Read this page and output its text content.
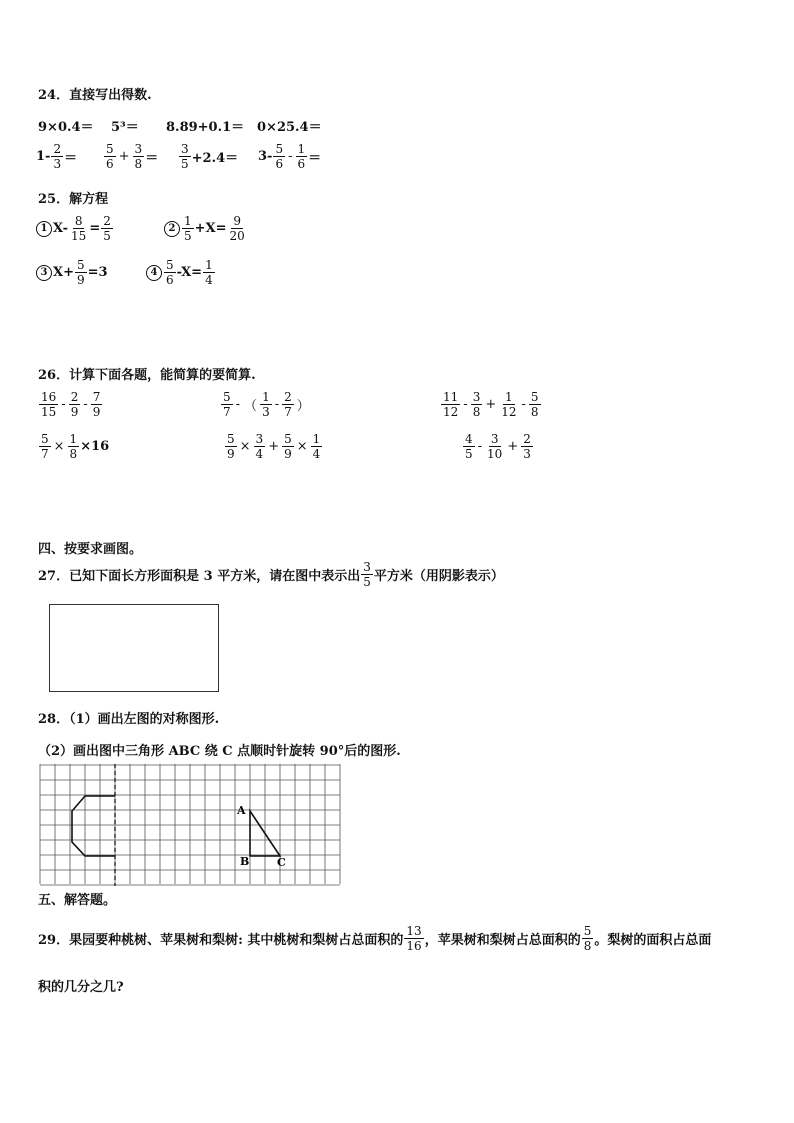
24．直接写出得数.
9×0.4＝ 5³＝ 8.89+0.1＝ 0×25.4＝
$1- \frac{2}{3} = \frac{5}{6} + \frac{3}{8} = \frac{3}{5} +2.4= 3- \frac{5}{6} - \frac{1}{6}$ ＝
25．解方程
1 $X- \frac{8}{15} = \frac{2}{5}$	$2 \frac{1}{5} +X= \frac{9}{20}$
3 $X+ \frac{5}{9} =3$	$4 \frac{5}{6} -X= \frac{1}{4}$
26．计算下面各题，能简算的要简算.
$\frac{16}{15} - \frac{2}{9} - \frac{7}{9}$	$\frac{5}{7}$ - （ $\frac{1}{3} - \frac{2}{7}$ ）	$\frac{11}{12} - \frac{3}{8} + \frac{1}{12} - \frac{5}{8}$
$\frac{5}{7} \times \frac{1}{8} \times 16$	$\frac{5}{9} \times \frac{3}{4} + \frac{5}{9} \times \frac{1}{4}$	$\frac{4}{5} - \frac{3}{10} + \frac{2}{3}$
四、按要求画图。
27．已知下面长方形面积是 3 平方米，请在图中表示出 $\frac{3}{5}$ 平方米（用阴影表示）
28．（1）画出左图的对称图形.
（2）画出图中三角形 ABC 绕 C 点顺时针旋转 90°后的图形.
A
B	C
五、解答题。
29．果园要种桃树、苹果树和梨树: 其中桃树和梨树占总面积的 $\frac{13}{16}$ ，苹果树和梨树占总面积的 $\frac{5}{8}$ 。梨树的面积占总面
积的几分之几?
